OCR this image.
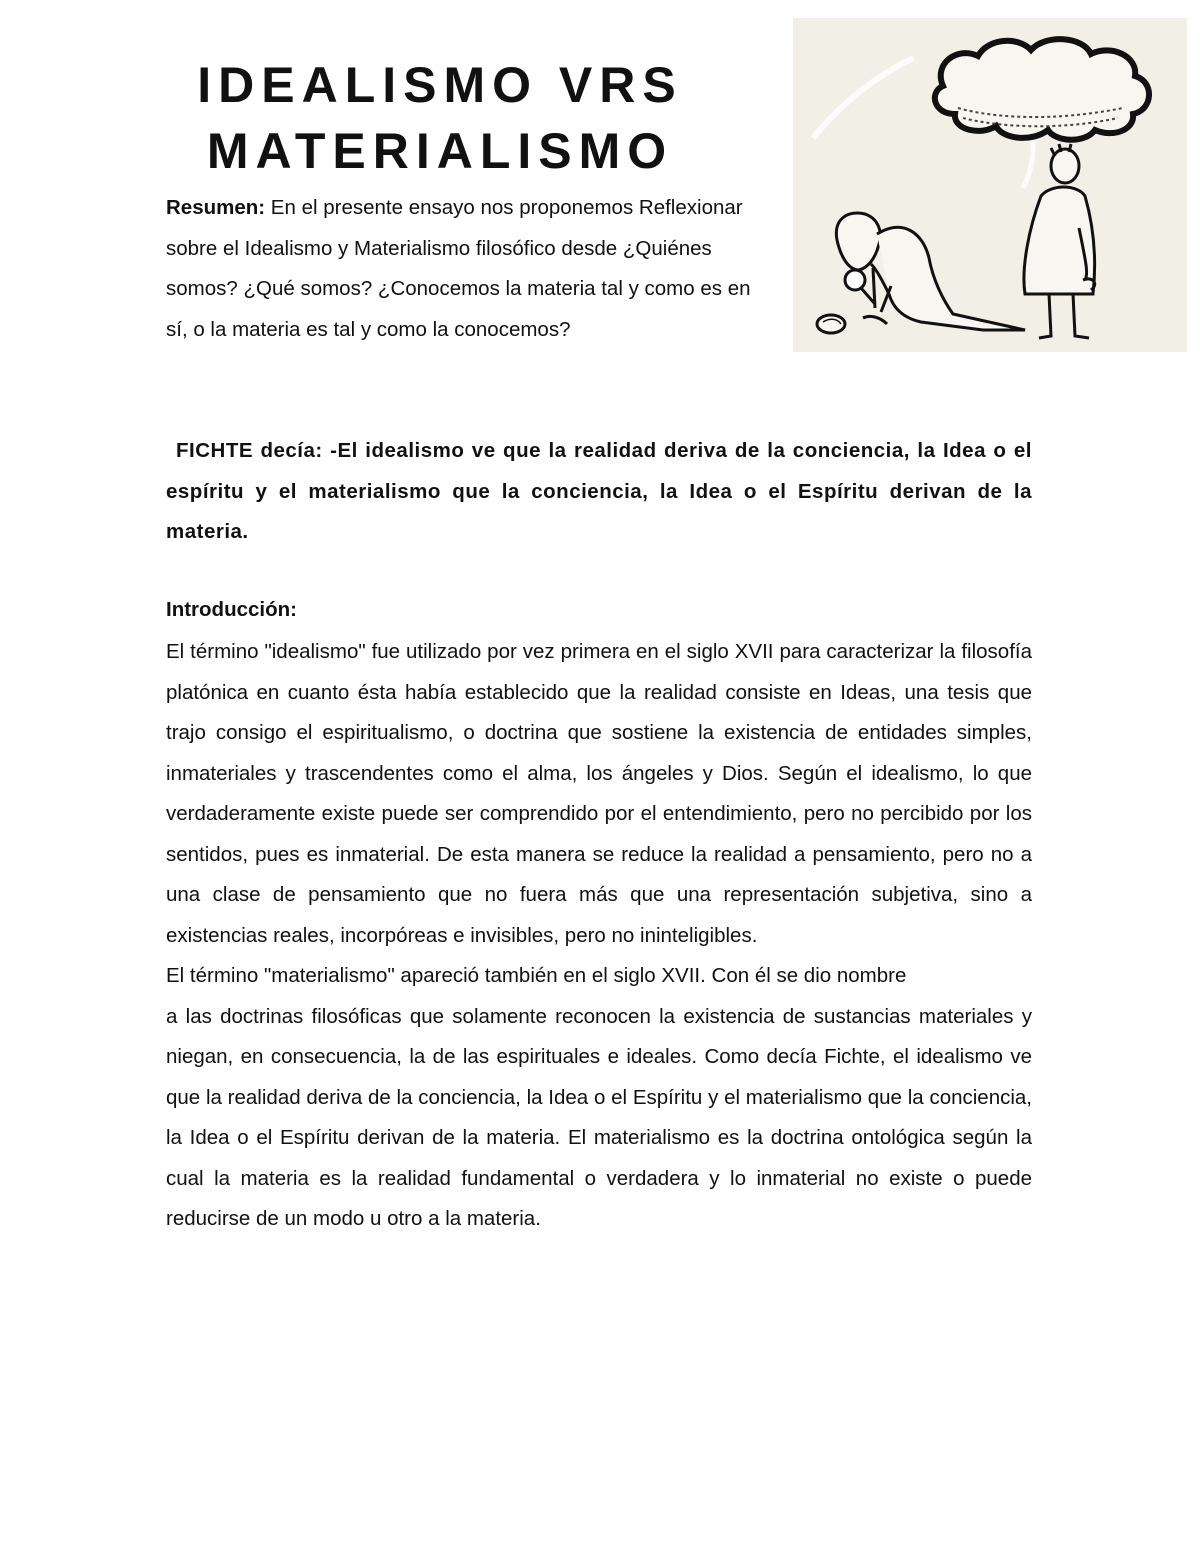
IDEALISMO VRS
MATERIALISMO

Resumen: En el presente ensayo nos proponemos Reflexionar sobre el Idealismo y Materialismo filosófico desde ¿Quiénes somos? ¿Qué somos? ¿Conocemos la materia tal y como es en sí, o la materia es tal y como la conocemos?

FICHTE decía: -El idealismo ve que la realidad deriva de la conciencia, la Idea o el espíritu y el materialismo que la conciencia, la Idea o el Espíritu derivan de la materia.

Introducción:

El término "idealismo" fue utilizado por vez primera en el siglo XVII para caracterizar la filosofía platónica en cuanto ésta había establecido que la realidad consiste en Ideas, una tesis que trajo consigo el espiritualismo, o doctrina que sostiene la existencia de entidades simples, inmateriales y trascendentes como el alma, los ángeles y Dios. Según el idealismo, lo que verdaderamente existe puede ser comprendido por el entendimiento, pero no percibido por los sentidos, pues es inmaterial. De esta manera se reduce la realidad a pensamiento, pero no a una clase de pensamiento que no fuera más que una representación subjetiva, sino a existencias reales, incorpóreas e invisibles, pero no ininteligibles.

El término "materialismo" apareció también en el siglo XVII. Con él se dio nombre

a las doctrinas filosóficas que solamente reconocen la existencia de sustancias materiales y niegan, en consecuencia, la de las espirituales e ideales. Como decía Fichte, el idealismo ve que la realidad deriva de la conciencia, la Idea o el Espíritu y el materialismo que la conciencia, la Idea o el Espíritu derivan de la materia. El materialismo es la doctrina ontológica según la cual la materia es la realidad fundamental o verdadera y lo inmaterial no existe o puede reducirse de un modo u otro a la materia.
